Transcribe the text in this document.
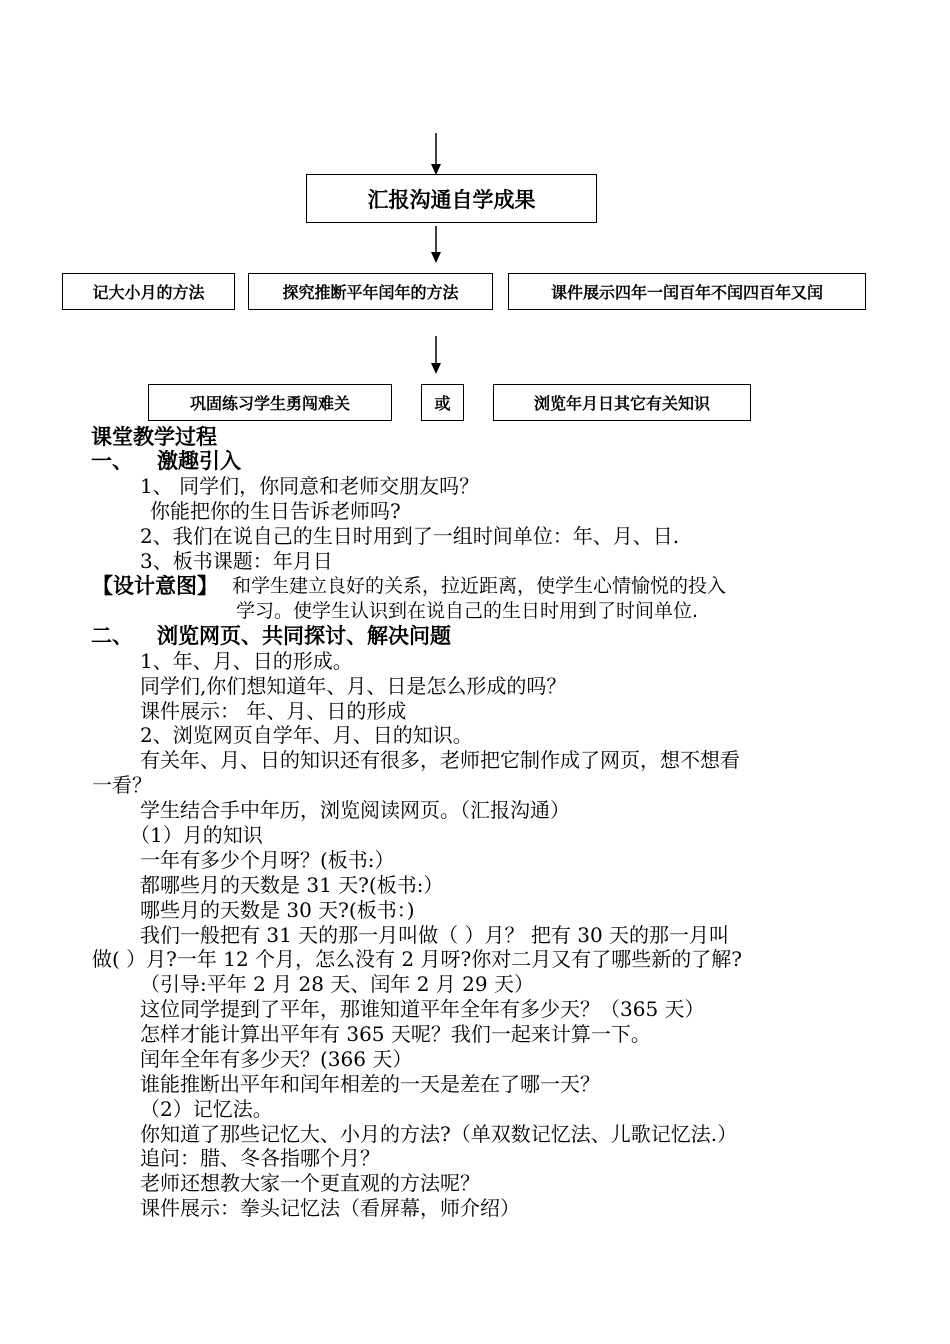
汇报沟通自学成果
记大小月的方法	探究推断平年闰年的方法	课件展示四年一闰百年不闰四百年又闰
巩固练习学生勇闯难关	或	浏览年月日其它有关知识
课堂教学过程
一、 激趣引入
1、 同学们，你同意和老师交朋友吗？
你能把你的生日告诉老师吗?
2、我们在说自己的生日时用到了一组时间单位：年、月、日.
3、板书课题：年月日
【设计意图】 和学生建立良好的关系，拉近距离，使学生心情愉悦的投入
学习。使学生认识到在说自己的生日时用到了时间单位.
二、 浏览网页、共同探讨、解决问题
1、年、月、日的形成。
同学们,你们想知道年、月、日是怎么形成的吗？
课件展示： 年、月、日的形成
2、浏览网页自学年、月、日的知识。
有关年、月、日的知识还有很多，老师把它制作成了网页，想不想看
一看？
学生结合手中年历，浏览阅读网页。（汇报沟通）
（1）月的知识
一年有多少个月呀？(板书:）
都哪些月的天数是 31 天?(板书:）
哪些月的天数是 30 天?(板书：)
我们一般把有 31 天的那一月叫做（ ）月？ 把有 30 天的那一月叫
做( ）月?一年 12 个月，怎么没有 2 月呀?你对二月又有了哪些新的了解?
（引导:平年 2 月 28 天、闰年 2 月 29 天）
这位同学提到了平年，那谁知道平年全年有多少天？（365 天）
怎样才能计算出平年有 365 天呢？我们一起来计算一下。
闰年全年有多少天？(366 天）
谁能推断出平年和闰年相差的一天是差在了哪一天？
（2）记忆法。
你知道了那些记忆大、小月的方法?（单双数记忆法、儿歌记忆法.）
追问：腊、冬各指哪个月？
老师还想教大家一个更直观的方法呢？
课件展示：拳头记忆法（看屏幕，师介绍）
